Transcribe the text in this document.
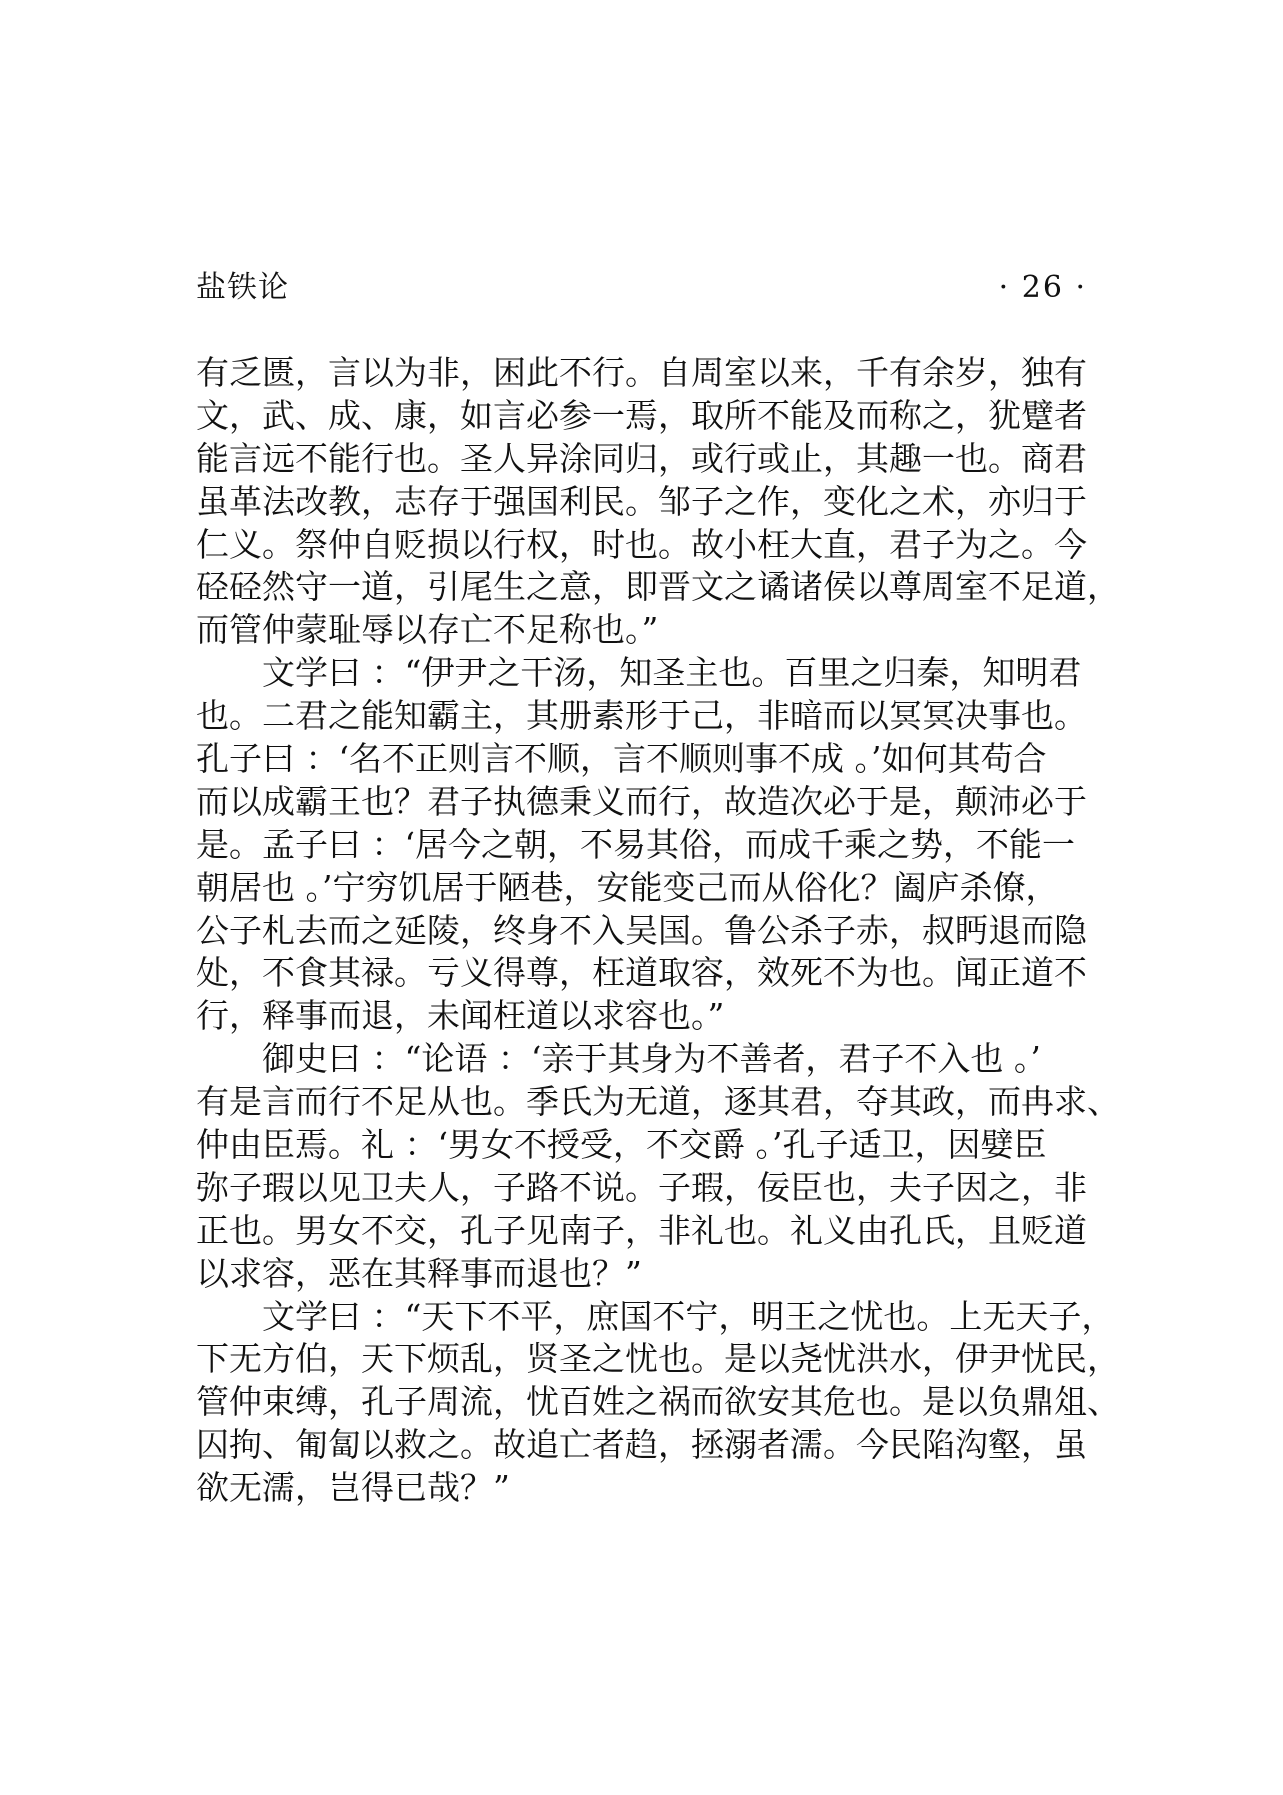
盐铁论	· 26 ·
有乏匮，言以为非，困此不行。自周室以来，千有余岁，独有
文，武、成、康，如言必参一焉，取所不能及而称之，犹躄者
能言远不能行也。圣人异涂同归，或行或止，其趣一也。商君
虽革法改教，志存于强国利民。邹子之作，变化之术，亦归于
仁义。祭仲自贬损以行权，时也。故小枉大直，君子为之。今
硁硁然守一道，引尾生之意，即晋文之谲诸侯以尊周室不足道，
而管仲蒙耻辱以存亡不足称也。”
文学曰 ：“伊尹之干汤，知圣主也。百里之归秦，知明君
也。二君之能知霸主，其册素形于己，非暗而以冥冥决事也。
孔子曰 ：‘名不正则言不顺，言不顺则事不成 。’如何其苟合
而以成霸王也？君子执德秉义而行，故造次必于是，颠沛必于
是。孟子曰 ：‘居今之朝，不易其俗，而成千乘之势，不能一
朝居也 。’宁穷饥居于陋巷，安能变己而从俗化？阖庐杀僚，
公子札去而之延陵，终身不入吴国。鲁公杀子赤，叔眄退而隐
处，不食其禄。亏义得尊，枉道取容，效死不为也。闻正道不
行，释事而退，未闻枉道以求容也。”
御史曰 ：“论语 ：‘亲于其身为不善者，君子不入也 。’
有是言而行不足从也。季氏为无道，逐其君，夺其政，而冉求、
仲由臣焉。礼 ：‘男女不授受，不交爵 。’孔子适卫，因嬖臣
弥子瑕以见卫夫人，子路不说。子瑕，佞臣也，夫子因之，非
正也。男女不交，孔子见南子，非礼也。礼义由孔氏，且贬道
以求容，恶在其释事而退也？”
文学曰 ：“天下不平，庶国不宁，明王之忧也。上无天子，
下无方伯，天下烦乱，贤圣之忧也。是以尧忧洪水，伊尹忧民，
管仲束缚，孔子周流，忧百姓之祸而欲安其危也。是以负鼎俎、
囚拘、匍匐以救之。故追亡者趋，拯溺者濡。今民陷沟壑，虽
欲无濡，岂得已哉？”
